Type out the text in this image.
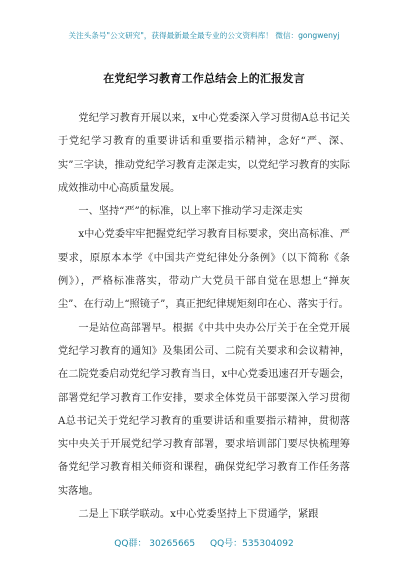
关注头条号"公文研究"，获得最新最全最专业的公文资料库！ 微信：gongwenyj
在党纪学习教育工作总结会上的汇报发言

党纪学习教育开展以来，x中心党委深入学习贯彻A总书记关于党纪学习教育的重要讲话和重要指示精神，念好“严、深、实”三字诀，推动党纪学习教育走深走实，以党纪学习教育的实际成效推动中心高质量发展。

一、坚持“严”的标准，以上率下推动学习走深走实

x中心党委牢牢把握党纪学习教育目标要求，突出高标准、严要求，原原本本学《中国共产党纪律处分条例》（以下简称《条例》），严格标准落实，带动广大党员干部自觉在思想上“掸灰尘”、在行动上“照镜子”，真正把纪律规矩刻印在心、落实于行。

一是站位高部署早。根据《中共中央办公厅关于在全党开展党纪学习教育的通知》及集团公司、二院有关要求和会议精神，在二院党委启动党纪学习教育当日，x中心党委迅速召开专题会，部署党纪学习教育工作安排，要求全体党员干部要深入学习贯彻A总书记关于党纪学习教育的重要讲话和重要指示精神，贯彻落实中央关于开展党纪学习教育部署，要求培训部门要尽快梳理筹备党纪学习教育相关师资和课程，确保党纪学习教育工作任务落实落地。

二是上下联学联动。x中心党委坚持上下贯通学，紧跟

QQ群： 30265665 QQ号：535304092
